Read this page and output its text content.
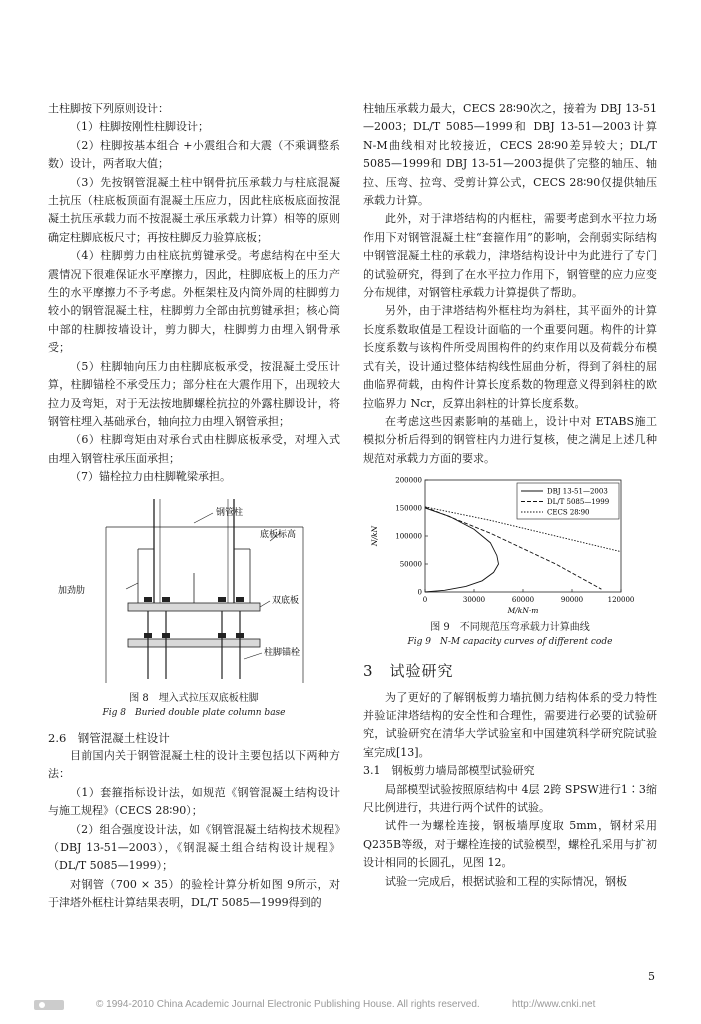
土柱脚按下列原则设计：

（1）柱脚按刚性柱脚设计；

（2）柱脚按基本组合 +小震组合和大震（不乘调整系数）设计，两者取大值；

（3）先按钢管混凝土柱中钢骨抗压承载力与柱底混凝土抗压（柱底板顶面有混凝土压应力，因此柱底板底面按混凝土抗压承载力而不按混凝土承压承载力计算）相等的原则确定柱脚底板尺寸；再按柱脚反力验算底板；

（4）柱脚剪力由柱底抗剪键承受。考虑结构在中至大震情况下很难保证水平摩擦力，因此，柱脚底板上的压力产生的水平摩擦力不予考虑。外框架柱及内筒外周的柱脚剪力较小的钢管混凝土柱，柱脚剪力全部由抗剪键承担；核心筒中部的柱脚按墙设计，剪力脚大，柱脚剪力由埋入钢骨承受；

（5）柱脚轴向压力由柱脚底板承受，按混凝土受压计算，柱脚锚栓不承受压力；部分柱在大震作用下，出现较大拉力及弯矩，对于无法按地脚螺栓抗拉的外露柱脚设计，将钢管柱埋入基础承台，轴向拉力由埋入钢管承担；

（6）柱脚弯矩由对承台式由柱脚底板承受，对埋入式由埋入钢管柱承压面承担；

（7）锚栓拉力由柱脚靴梁承担。

钢管柱
底板标高
加劲肋
双底板
柱脚锚栓

图 8　埋入式拉压双底板柱脚

Fig 8　Buried double plate column base

2.6　钢管混凝土柱设计

目前国内关于钢管混凝土柱的设计主要包括以下两种方法：

（1）套箍指标设计法，如规范《钢管混凝土结构设计与施工规程》（CECS 28∶90）；

（2）组合强度设计法，如《钢管混凝土结构技术规程》（DBJ 13-51—2003），《钢混凝土组合结构设计规程》（DL/T 5085—1999）；

对钢管（700 × 35）的验栓计算分析如图 9所示，对于津塔外框柱计算结果表明，DL/T 5085—1999得到的

柱轴压承载力最大，CECS 28∶90次之，接着为 DBJ 13-51—2003；DL/T 5085—1999和 DBJ 13-51—2003计算 N-M曲线相对比较接近，CECS 28∶90差异较大；DL/T 5085—1999和 DBJ 13-51—2003提供了完整的轴压、轴拉、压弯、拉弯、受剪计算公式，CECS 28∶90仅提供轴压承载力计算。

此外，对于津塔结构的内框柱，需要考虑到水平拉力场作用下对钢管混凝土柱“套箍作用”的影响，会削弱实际结构中钢管混凝土柱的承载力，津塔结构设计中为此进行了专门的试验研究，得到了在水平拉力作用下，钢管壁的应力应变分布规律，对钢管柱承载力计算提供了帮助。

另外，由于津塔结构外框柱均为斜柱，其平面外的计算长度系数取值是工程设计面临的一个重要问题。构件的计算长度系数与该构件所受周围构件的约束作用以及荷载分布模式有关，设计通过整体结构线性屈曲分析，得到了斜柱的屈曲临界荷载，由构件计算长度系数的物理意义得到斜柱的欧拉临界力 Ncr，反算出斜柱的计算长度系数。

在考虑这些因素影响的基础上，设计中对 ETABS施工模拟分析后得到的钢管柱内力进行复核，使之满足上述几种规范对承载力方面的要求。

0	30000	60000	90000	120000
0
50000
100000
150000
200000
M/kN·m
N/kN
DBJ 13-51—2003
DL/T 5085—1999
CECS 28∶90

图 9　不同规范压弯承载力计算曲线

Fig 9　N-M capacity curves of different code

3　试验研究

为了更好的了解钢板剪力墙抗侧力结构体系的受力特性并验证津塔结构的安全性和合理性，需要进行必要的试验研究，试验研究在清华大学试验室和中国建筑科学研究院试验室完成[13]。

3.1　钢板剪力墙局部模型试验研究

局部模型试验按照原结构中 4层 2跨 SPSW进行1∶3缩尺比例进行，共进行两个试件的试验。

试件一为螺栓连接，钢板墙厚度取 5mm，钢材采用 Q235B等级，对于螺栓连接的试验模型，螺栓孔采用与扩初设计相同的长圆孔，见图 12。

试验一完成后，根据试验和工程的实际情况，钢板

5
© 1994-2010 China Academic Journal Electronic Publishing House. All rights reserved.	http://www.cnki.net
